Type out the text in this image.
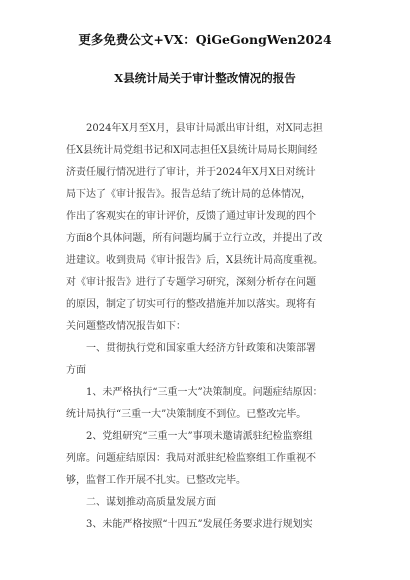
更多免费公文+VX：QiGeGongWen2024
X县统计局关于审计整改情况的报告
　　2024年X月至X月，县审计局派出审计组，对X同志担
任X县统计局党组书记和X同志担任X县统计局局长期间经
济责任履行情况进行了审计，并于2024年X月X日对统计
局下达了《审计报告》。报告总结了统计局的总体情况，
作出了客观实在的审计评价，反馈了通过审计发现的四个
方面8个具体问题，所有问题均属于立行立改，并提出了改
进建议。收到贵局《审计报告》后，X县统计局高度重视。
对《审计报告》进行了专题学习研究，深刻分析存在问题
的原因，制定了切实可行的整改措施并加以落实。现将有
关问题整改情况报告如下：
　　一、贯彻执行党和国家重大经济方针政策和决策部署
方面
　　1、未严格执行“三重一大”决策制度。问题症结原因：
统计局执行“三重一大”决策制度不到位。已整改完毕。
　　2、党组研究“三重一大”事项未邀请派驻纪检监察组
列席。问题症结原因：我局对派驻纪检监察组工作重视不
够，监督工作开展不扎实。已整改完毕。
　　二、谋划推动高质量发展方面
　　3、未能严格按照“十四五”发展任务要求进行规划实
